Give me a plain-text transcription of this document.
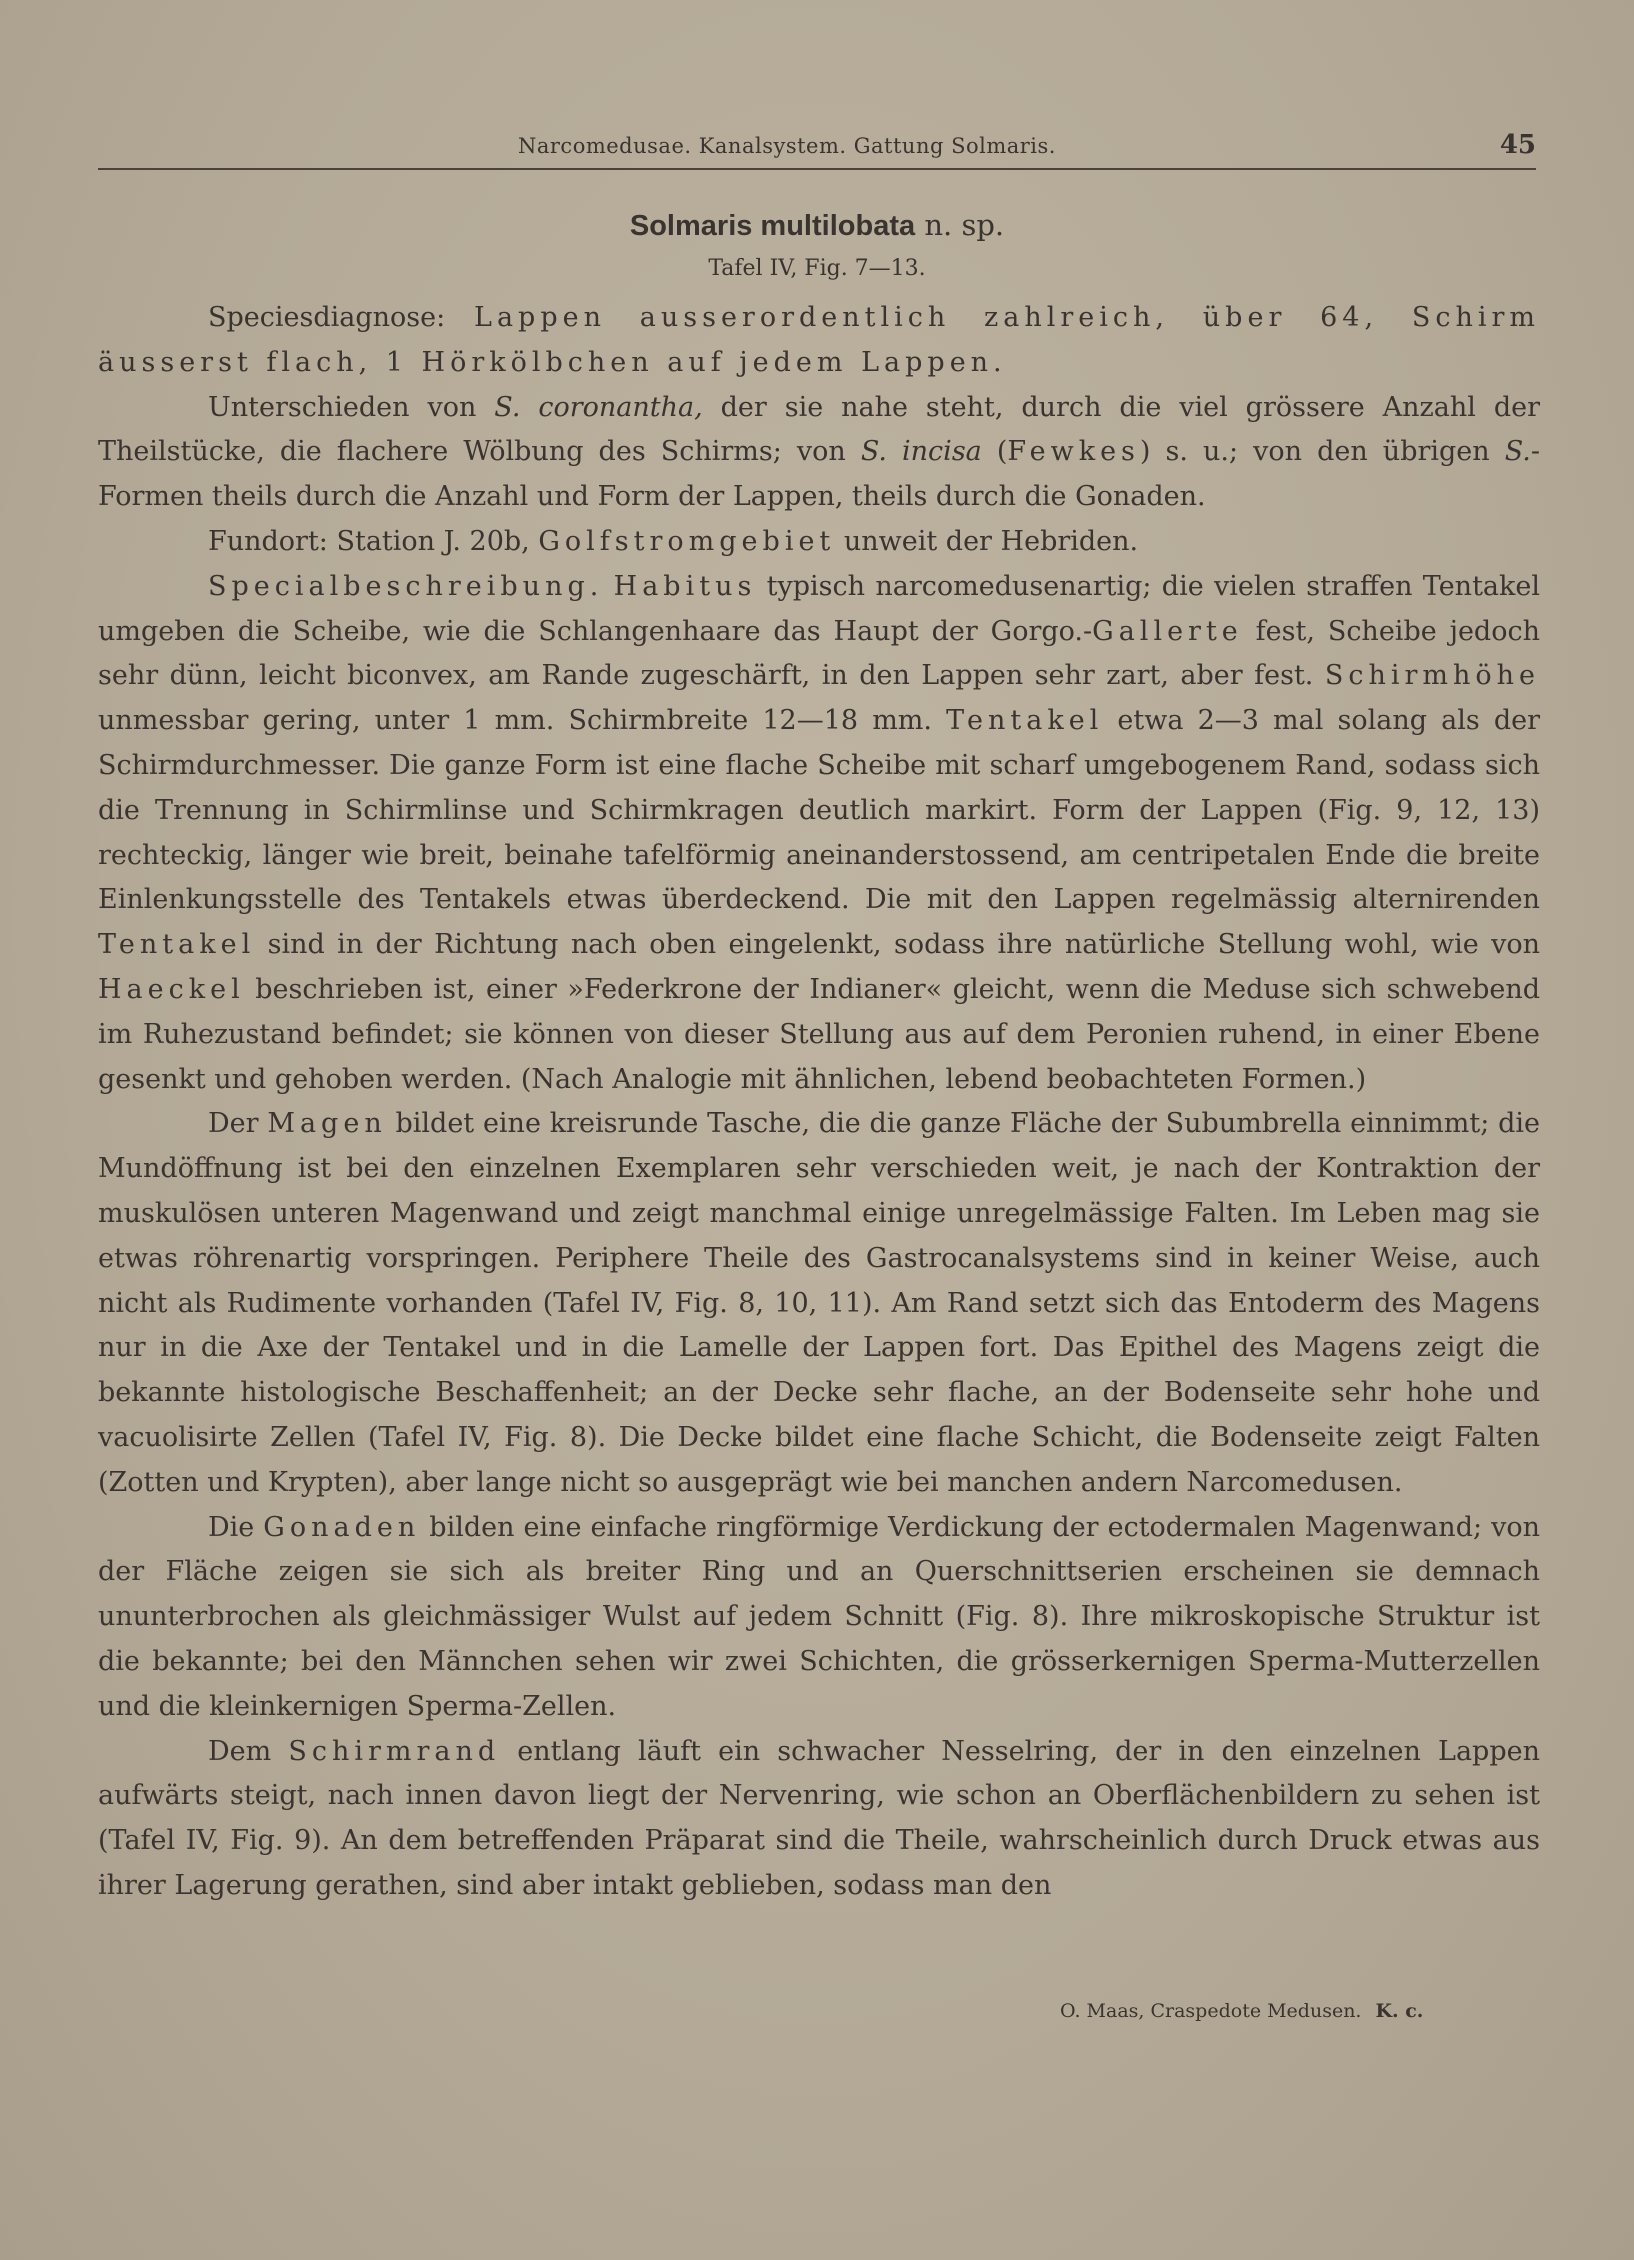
Narcomedusae. Kanalsystem. Gattung Solmaris.	45
Solmaris multilobata n. sp.
Tafel IV, Fig. 7—13.

Speciesdiagnose: Lappen ausserordentlich zahlreich, über 64, Schirm äusserst flach, 1 Hörkölbchen auf jedem Lappen.

Unterschieden von S. coronantha, der sie nahe steht, durch die viel grössere Anzahl der Theilstücke, die flachere Wölbung des Schirms; von S. incisa (Fewkes) s. u.; von den übrigen S.-Formen theils durch die Anzahl und Form der Lappen, theils durch die Gonaden.

Fundort: Station J. 20b, Golfstromgebiet unweit der Hebriden.

Specialbeschreibung. Habitus typisch narcomedusenartig; die vielen straffen Tentakel umgeben die Scheibe, wie die Schlangenhaare das Haupt der Gorgo.-Gallerte fest, Scheibe jedoch sehr dünn, leicht biconvex, am Rande zugeschärft, in den Lappen sehr zart, aber fest. Schirmhöhe unmessbar gering, unter 1 mm. Schirmbreite 12—18 mm. Tentakel etwa 2—3 mal solang als der Schirmdurchmesser. Die ganze Form ist eine flache Scheibe mit scharf umgebogenem Rand, sodass sich die Trennung in Schirmlinse und Schirmkragen deutlich markirt. Form der Lappen (Fig. 9, 12, 13) rechteckig, länger wie breit, beinahe tafelförmig aneinanderstossend, am centripetalen Ende die breite Einlenkungsstelle des Tentakels etwas überdeckend. Die mit den Lappen regelmässig alternirenden Tentakel sind in der Richtung nach oben eingelenkt, sodass ihre natürliche Stellung wohl, wie von Haeckel beschrieben ist, einer »Federkrone der Indianer« gleicht, wenn die Meduse sich schwebend im Ruhezustand befindet; sie können von dieser Stellung aus auf dem Peronien ruhend, in einer Ebene gesenkt und gehoben werden. (Nach Analogie mit ähnlichen, lebend beobachteten Formen.)

Der Magen bildet eine kreisrunde Tasche, die die ganze Fläche der Subumbrella einnimmt; die Mundöffnung ist bei den einzelnen Exemplaren sehr verschieden weit, je nach der Kontraktion der muskulösen unteren Magenwand und zeigt manchmal einige unregelmässige Falten. Im Leben mag sie etwas röhrenartig vorspringen. Periphere Theile des Gastrocanalsystems sind in keiner Weise, auch nicht als Rudimente vorhanden (Tafel IV, Fig. 8, 10, 11). Am Rand setzt sich das Entoderm des Magens nur in die Axe der Tentakel und in die Lamelle der Lappen fort. Das Epithel des Magens zeigt die bekannte histologische Beschaffenheit; an der Decke sehr flache, an der Bodenseite sehr hohe und vacuolisirte Zellen (Tafel IV, Fig. 8). Die Decke bildet eine flache Schicht, die Bodenseite zeigt Falten (Zotten und Krypten), aber lange nicht so ausgeprägt wie bei manchen andern Narcomedusen.

Die Gonaden bilden eine einfache ringförmige Verdickung der ectodermalen Magenwand; von der Fläche zeigen sie sich als breiter Ring und an Querschnittserien erscheinen sie demnach ununterbrochen als gleichmässiger Wulst auf jedem Schnitt (Fig. 8). Ihre mikroskopische Struktur ist die bekannte; bei den Männchen sehen wir zwei Schichten, die grösserkernigen Sperma-Mutterzellen und die kleinkernigen Sperma-Zellen.

Dem Schirmrand entlang läuft ein schwacher Nesselring, der in den einzelnen Lappen aufwärts steigt, nach innen davon liegt der Nervenring, wie schon an Oberflächenbildern zu sehen ist (Tafel IV, Fig. 9). An dem betreffenden Präparat sind die Theile, wahrscheinlich durch Druck etwas aus ihrer Lagerung gerathen, sind aber intakt geblieben, sodass man den

O. Maas, Craspedote Medusen. K. c.
